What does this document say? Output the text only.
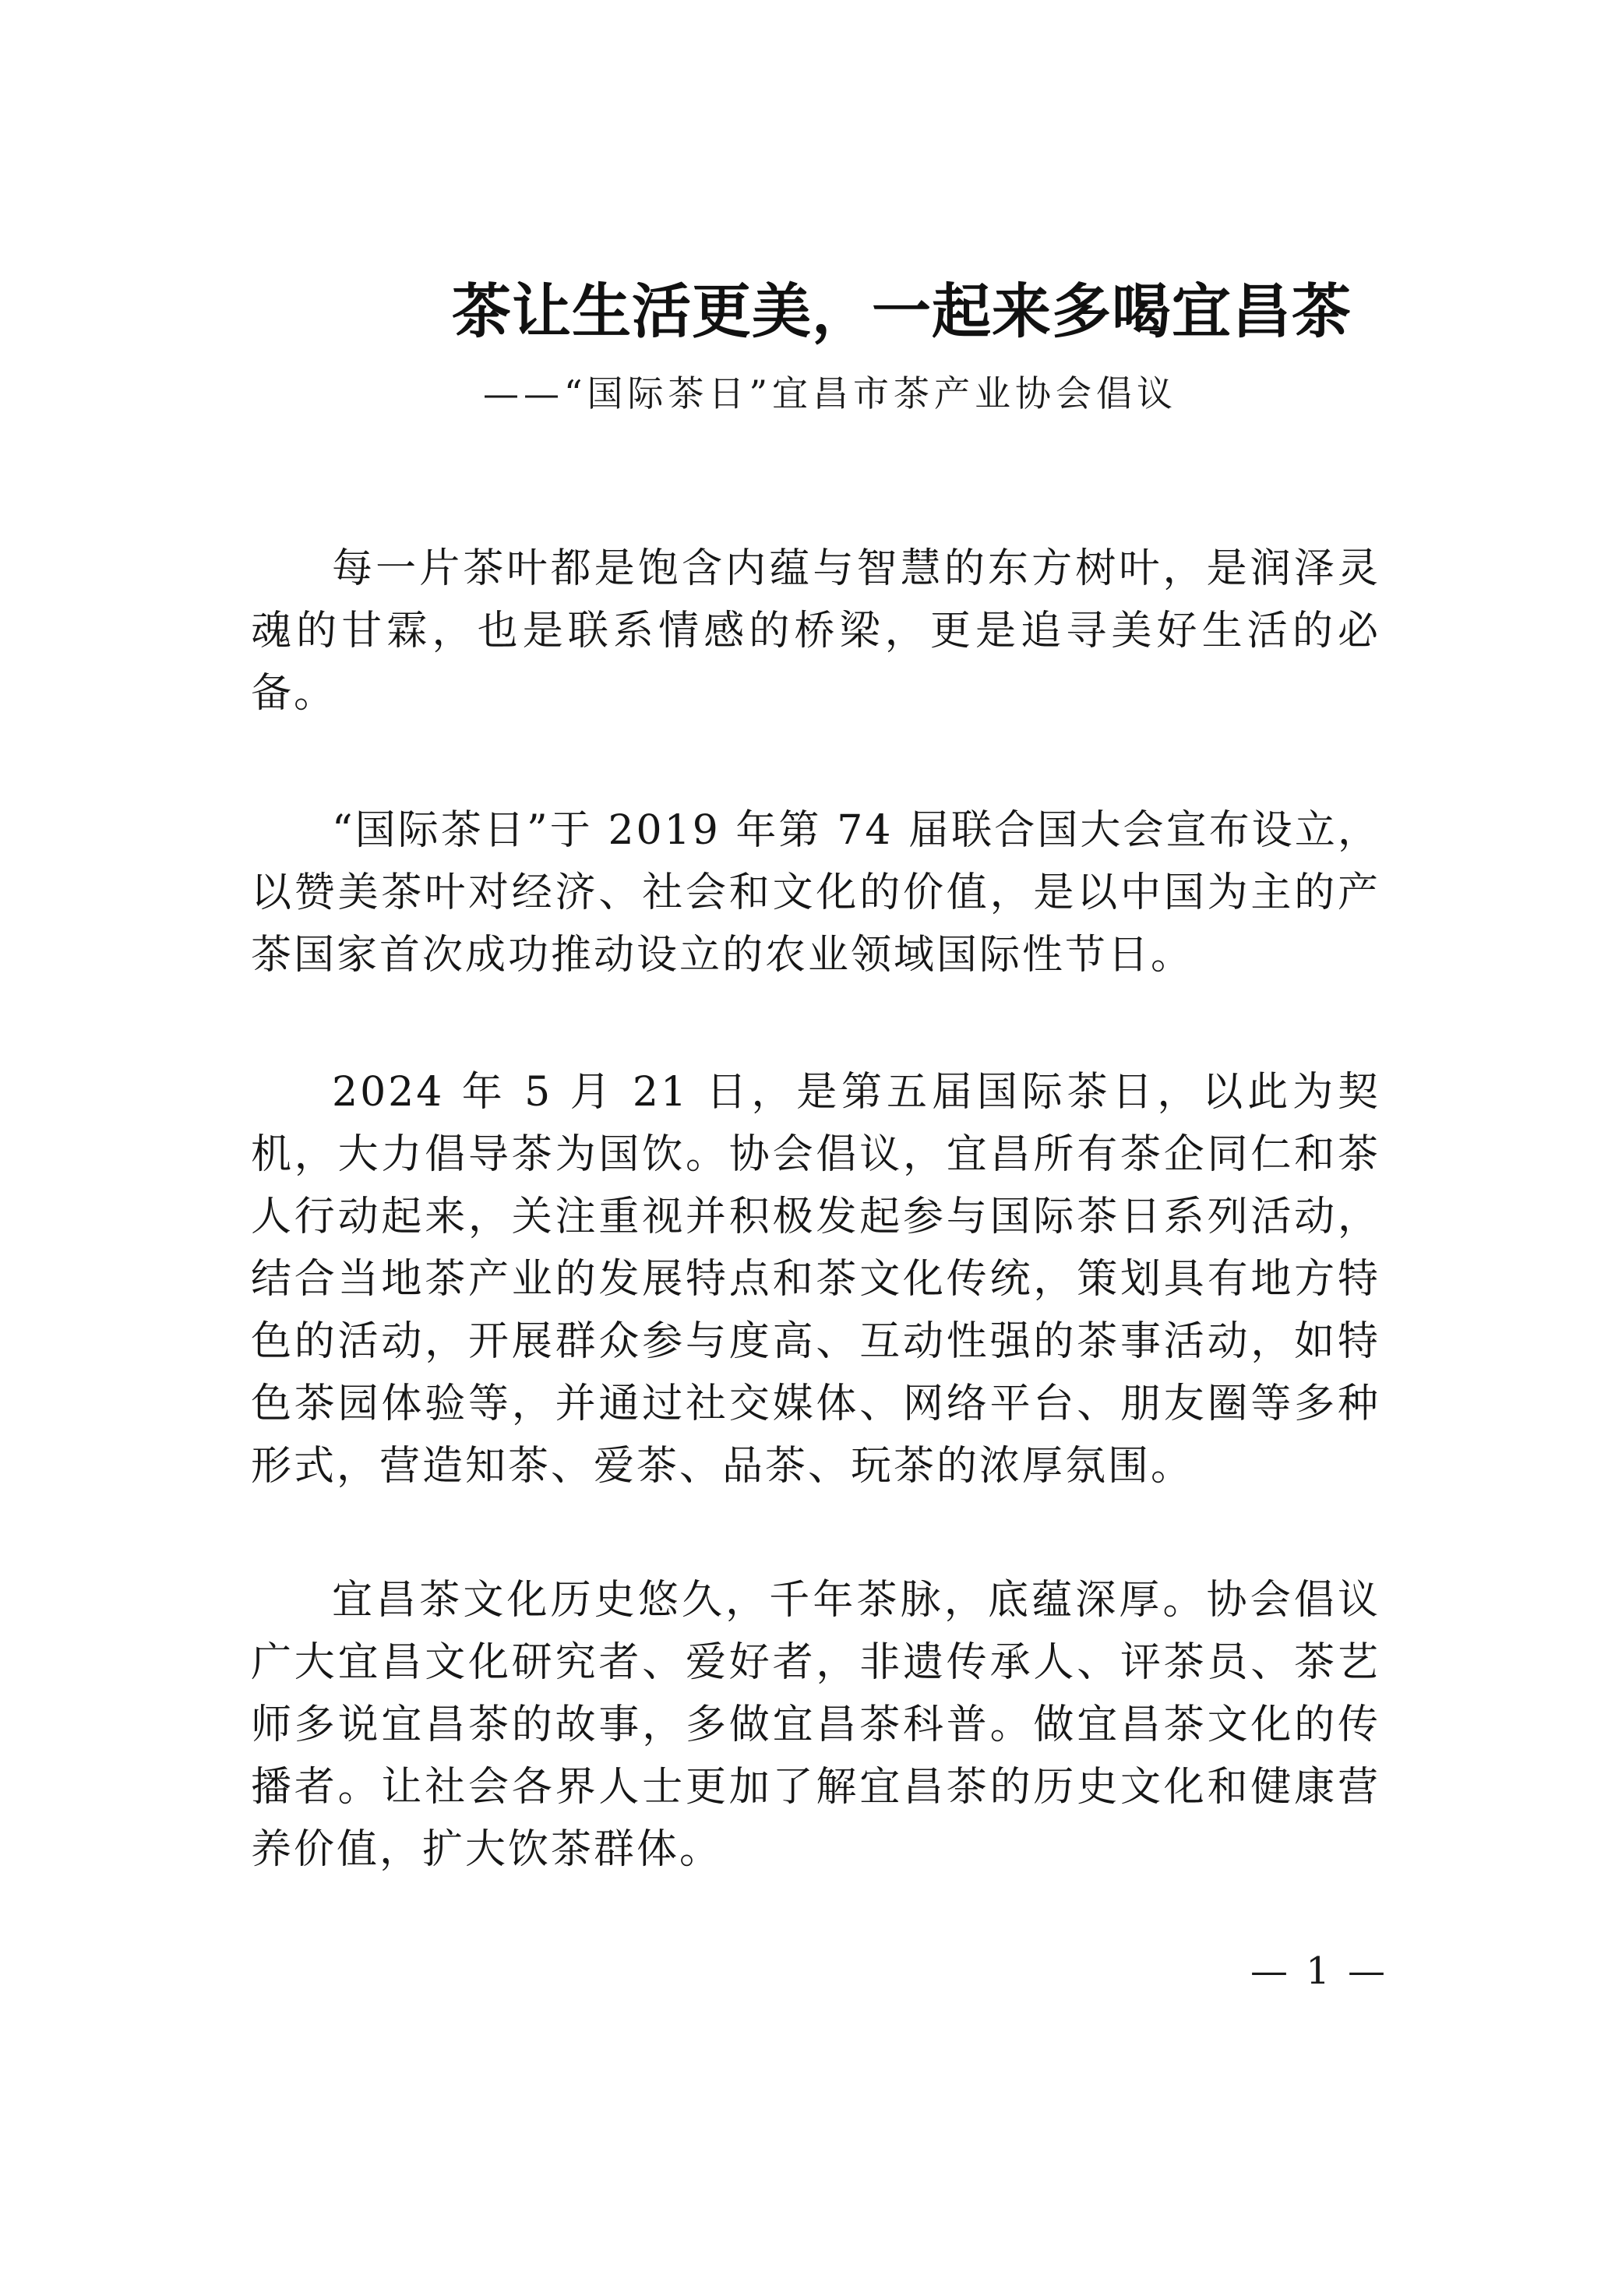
茶让生活更美，一起来多喝宜昌茶
——“国际茶日”宜昌市茶产业协会倡议

每一片茶叶都是饱含内蕴与智慧的东方树叶，是润泽灵魂的甘霖，也是联系情感的桥梁，更是追寻美好生活的必备。

“国际茶日”于 2019 年第 74 届联合国大会宣布设立，以赞美茶叶对经济、社会和文化的价值，是以中国为主的产茶国家首次成功推动设立的农业领域国际性节日。

2024 年 5 月 21 日，是第五届国际茶日，以此为契机，大力倡导茶为国饮。协会倡议，宜昌所有茶企同仁和茶人行动起来，关注重视并积极发起参与国际茶日系列活动，结合当地茶产业的发展特点和茶文化传统，策划具有地方特色的活动，开展群众参与度高、互动性强的茶事活动，如特色茶园体验等，并通过社交媒体、网络平台、朋友圈等多种形式，营造知茶、爱茶、品茶、玩茶的浓厚氛围。

宜昌茶文化历史悠久，千年茶脉，底蕴深厚。协会倡议广大宜昌文化研究者、爱好者，非遗传承人、评茶员、茶艺师多说宜昌茶的故事，多做宜昌茶科普。做宜昌茶文化的传播者。让社会各界人士更加了解宜昌茶的历史文化和健康营养价值，扩大饮茶群体。

— 1 —
